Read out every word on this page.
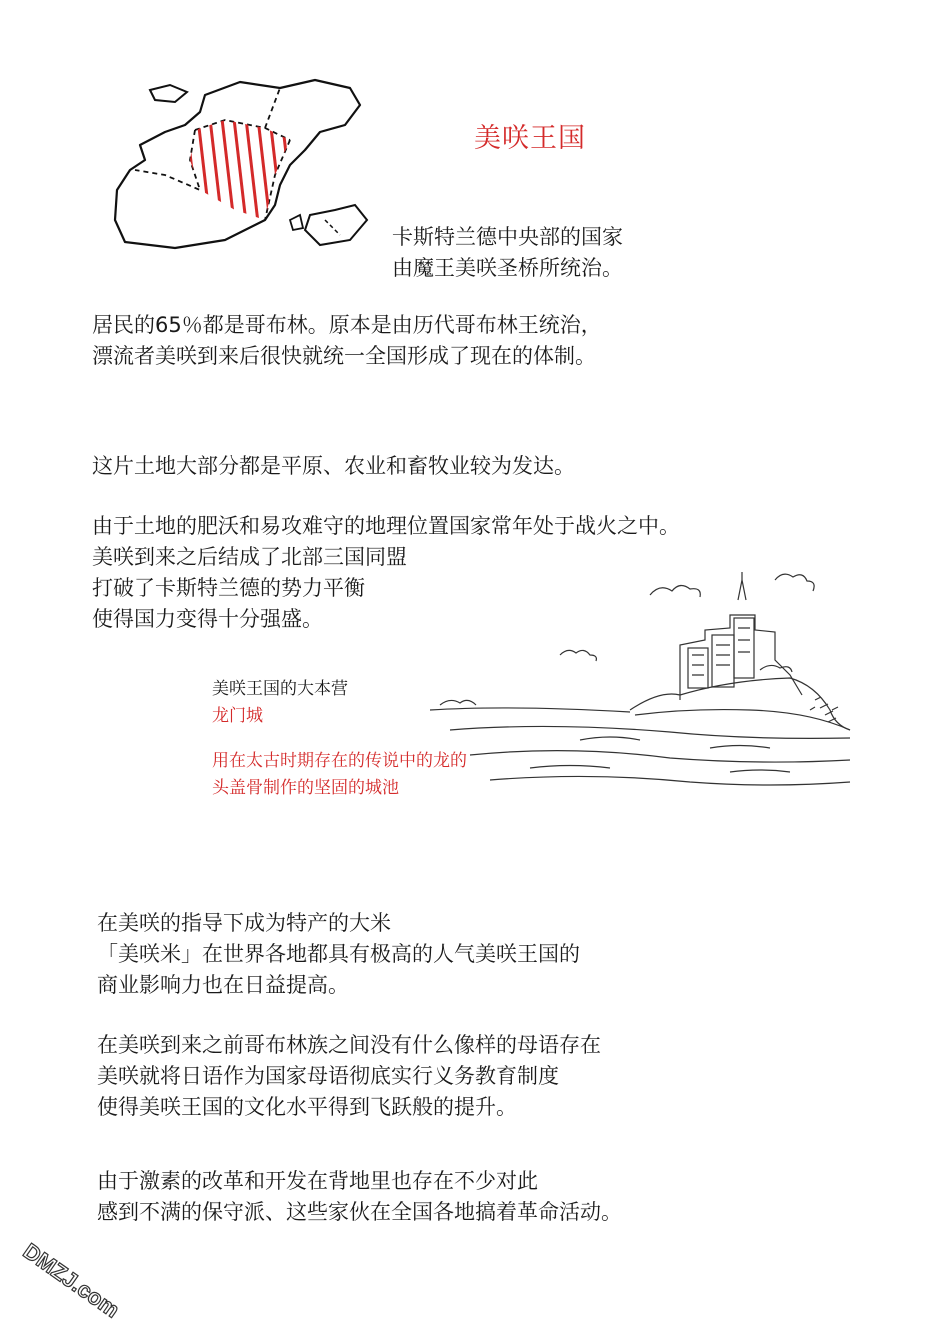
美咲王国
卡斯特兰德中央部的国家
由魔王美咲圣桥所统治。
居民的65％都是哥布林。原本是由历代哥布林王统治，
漂流者美咲到来后很快就统一全国形成了现在的体制。
这片土地大部分都是平原、农业和畜牧业较为发达。
由于土地的肥沃和易攻难守的地理位置国家常年处于战火之中。
美咲到来之后结成了北部三国同盟
打破了卡斯特兰德的势力平衡
使得国力变得十分强盛。
美咲王国的大本营
龙门城
用在太古时期存在的传说中的龙的
头盖骨制作的坚固的城池
在美咲的指导下成为特产的大米
「美咲米」在世界各地都具有极高的人气美咲王国的
商业影响力也在日益提高。
在美咲到来之前哥布林族之间没有什么像样的母语存在
美咲就将日语作为国家母语彻底实行义务教育制度
使得美咲王国的文化水平得到飞跃般的提升。
由于激素的改革和开发在背地里也存在不少对此
感到不满的保守派、这些家伙在全国各地搞着革命活动。
DMZJ.com
